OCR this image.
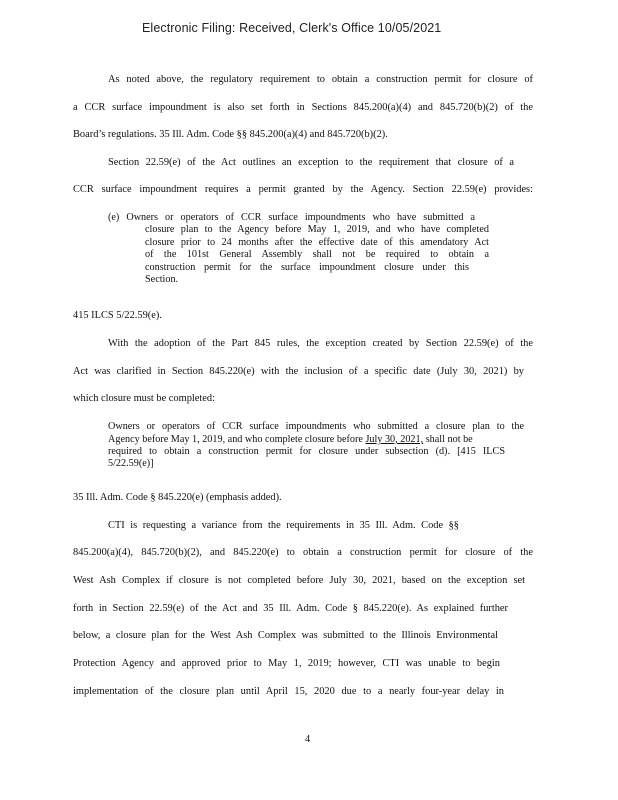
Electronic Filing: Received, Clerk's Office 10/05/2021
As noted above, the regulatory requirement to obtain a construction permit for closure of
a CCR surface impoundment is also set forth in Sections 845.200(a)(4) and 845.720(b)(2) of the
Board’s regulations. 35 Ill. Adm. Code §§ 845.200(a)(4) and 845.720(b)(2).
Section 22.59(e) of the Act outlines an exception to the requirement that closure of a
CCR surface impoundment requires a permit granted by the Agency. Section 22.59(e) provides:
(e) Owners or operators of CCR surface impoundments who have submitted a
closure plan to the Agency before May 1, 2019, and who have completed
closure prior to 24 months after the effective date of this amendatory Act
of the 101st General Assembly shall not be required to obtain a
construction permit for the surface impoundment closure under this
Section.
415 ILCS 5/22.59(e).
With the adoption of the Part 845 rules, the exception created by Section 22.59(e) of the
Act was clarified in Section 845.220(e) with the inclusion of a specific date (July 30, 2021) by
which closure must be completed:
Owners or operators of CCR surface impoundments who submitted a closure plan to the
Agency before May 1, 2019, and who complete closure before July 30, 2021, shall not be
required to obtain a construction permit for closure under subsection (d). [415 ILCS
5/22.59(e)]
35 Ill. Adm. Code § 845.220(e) (emphasis added).
CTI is requesting a variance from the requirements in 35 Ill. Adm. Code §§
845.200(a)(4), 845.720(b)(2), and 845.220(e) to obtain a construction permit for closure of the
West Ash Complex if closure is not completed before July 30, 2021, based on the exception set
forth in Section 22.59(e) of the Act and 35 Ill. Adm. Code § 845.220(e). As explained further
below, a closure plan for the West Ash Complex was submitted to the Illinois Environmental
Protection Agency and approved prior to May 1, 2019; however, CTI was unable to begin
implementation of the closure plan until April 15, 2020 due to a nearly four-year delay in
4
